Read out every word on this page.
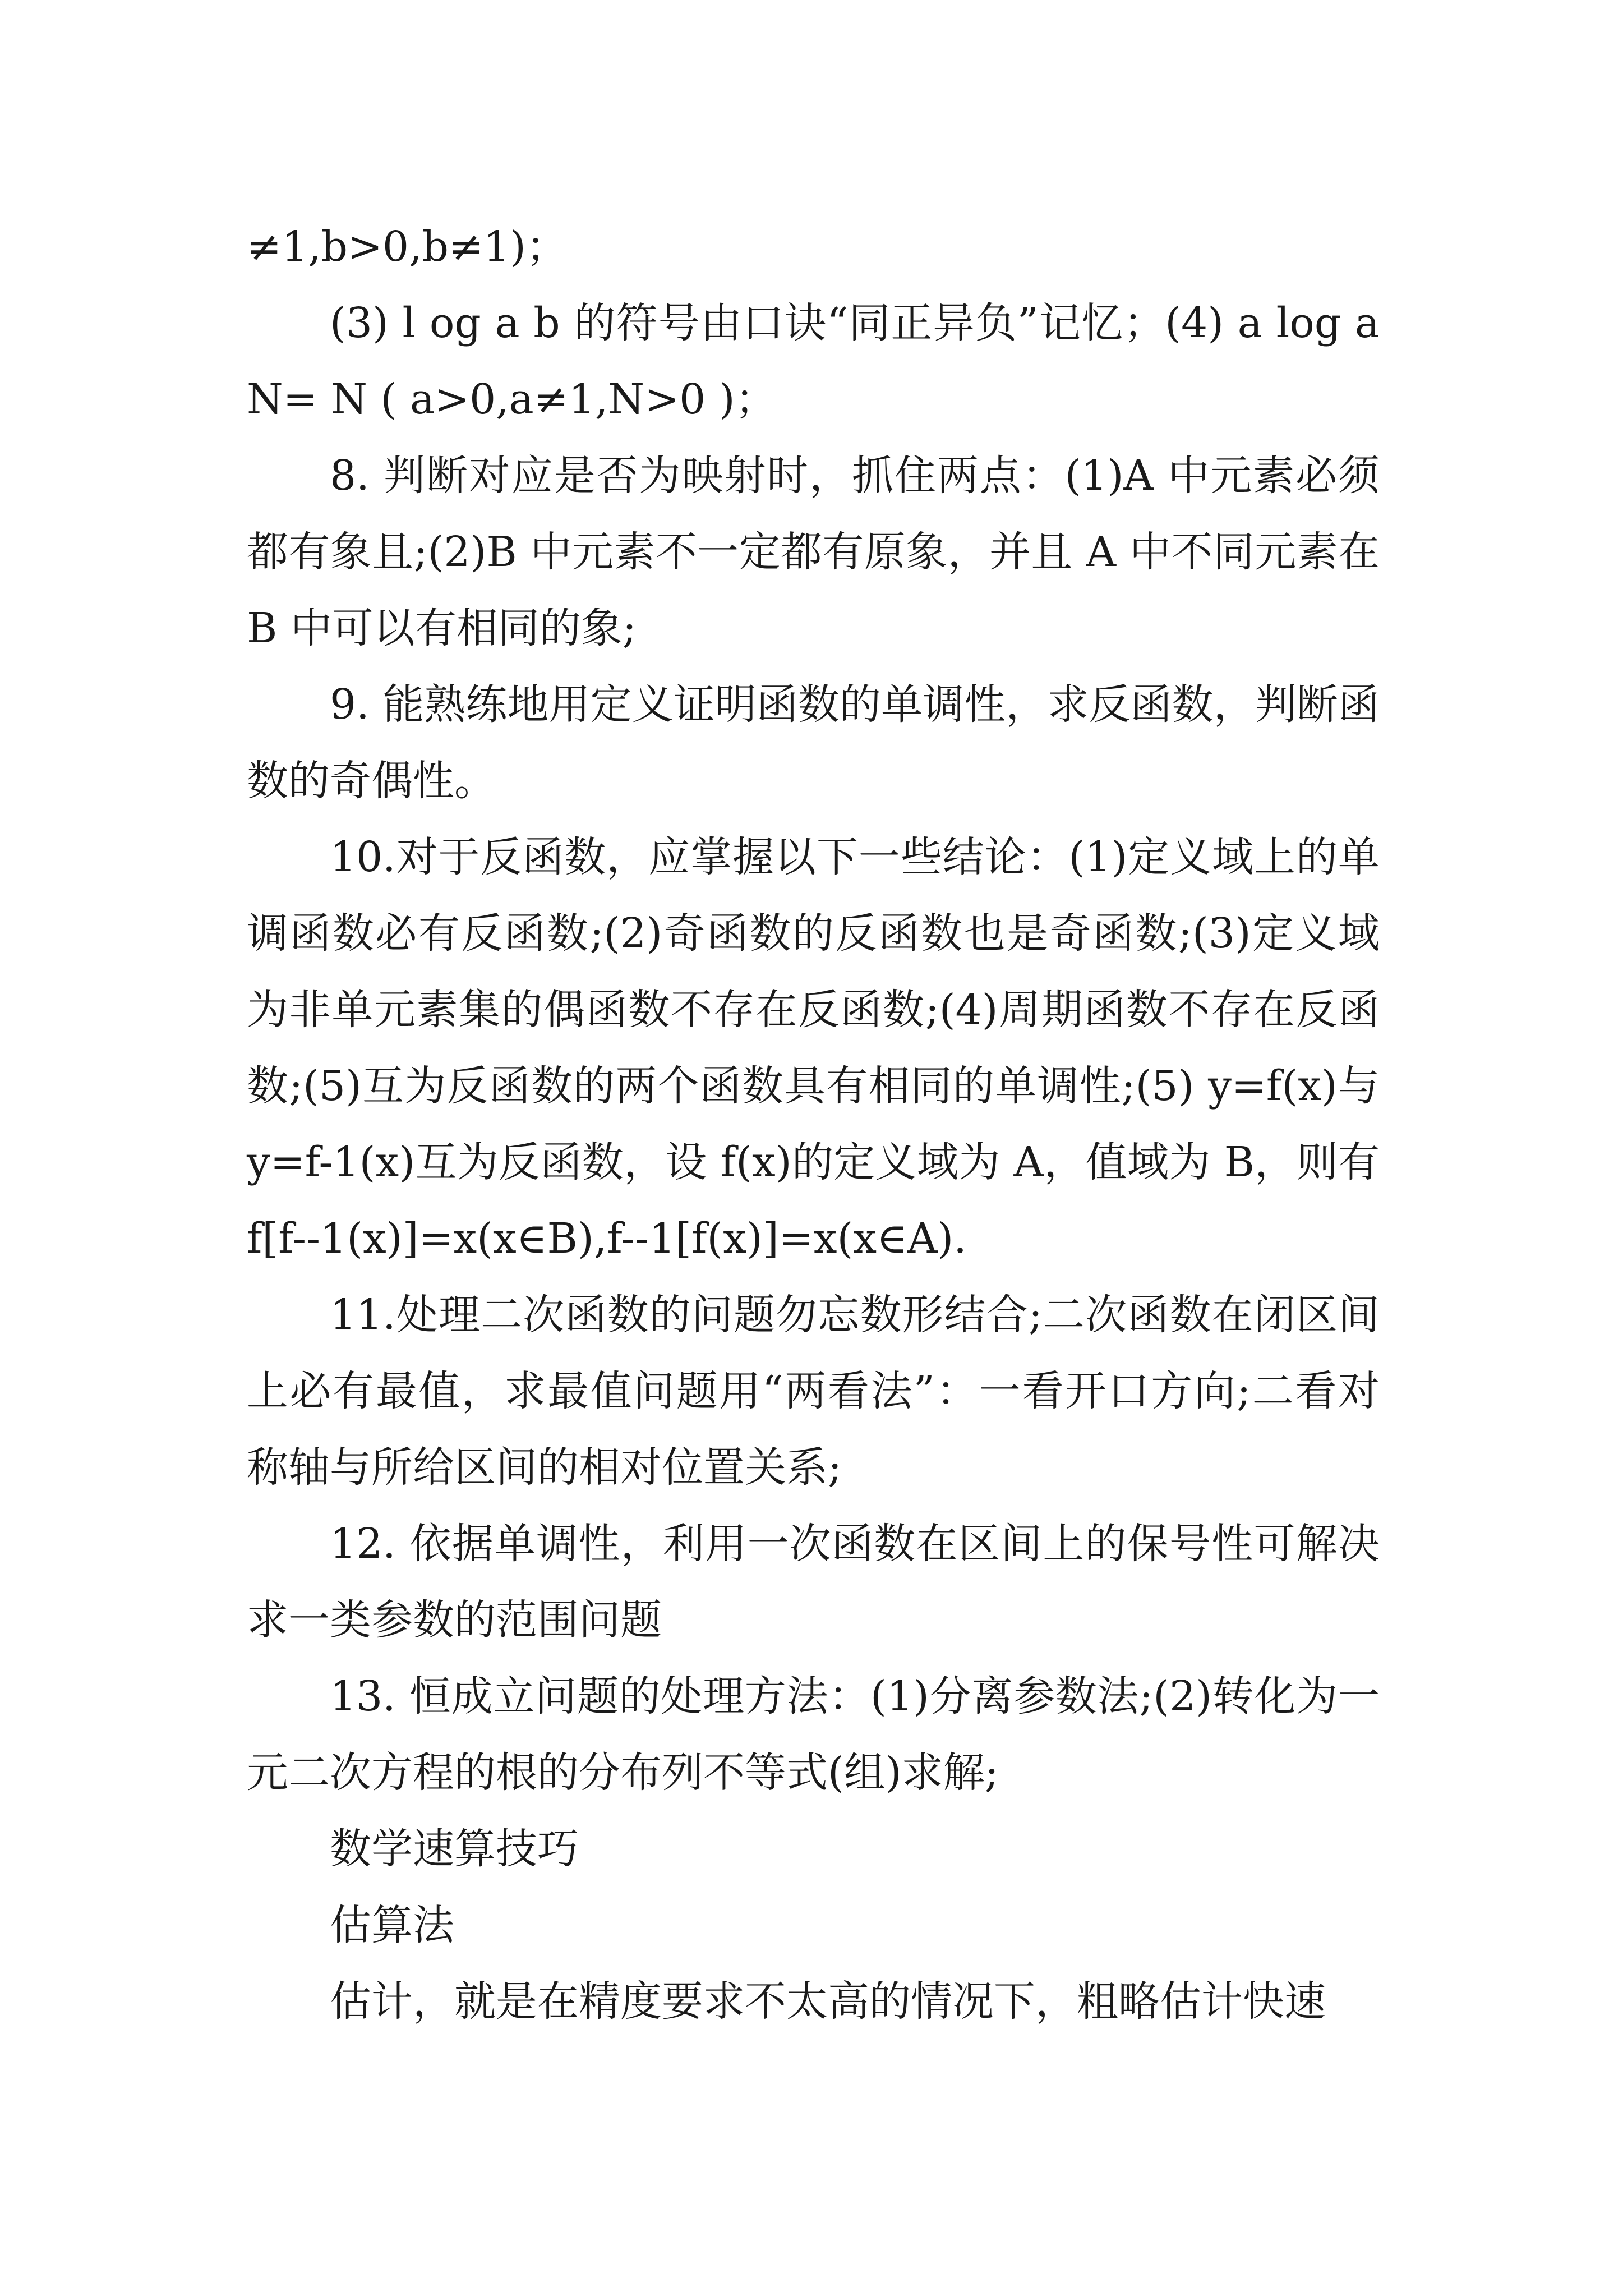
≠1,b>0,b≠1)；

(3) l og a b 的符号由口诀“同正异负”记忆；(4) a log a N= N ( a>0,a≠1,N>0 )；

8. 判断对应是否为映射时，抓住两点：(1)A 中元素必须都有象且;(2)B 中元素不一定都有原象，并且 A 中不同元素在 B 中可以有相同的象;

9. 能熟练地用定义证明函数的单调性，求反函数，判断函数的奇偶性。

10.对于反函数，应掌握以下一些结论：(1)定义域上的单调函数必有反函数;(2)奇函数的反函数也是奇函数;(3)定义域为非单元素集的偶函数不存在反函数;(4)周期函数不存在反函数;(5)互为反函数的两个函数具有相同的单调性;(5) y=f(x)与 y=f-1(x)互为反函数，设 f(x)的定义域为 A，值域为 B，则有 f[f--1(x)]=x(x∈B),f--1[f(x)]=x(x∈A).

11.处理二次函数的问题勿忘数形结合;二次函数在闭区间上必有最值，求最值问题用“两看法”：一看开口方向;二看对称轴与所给区间的相对位置关系;

12. 依据单调性，利用一次函数在区间上的保号性可解决求一类参数的范围问题

13. 恒成立问题的处理方法：(1)分离参数法;(2)转化为一元二次方程的根的分布列不等式(组)求解;

数学速算技巧

估算法

估计，就是在精度要求不太高的情况下，粗略估计快速
